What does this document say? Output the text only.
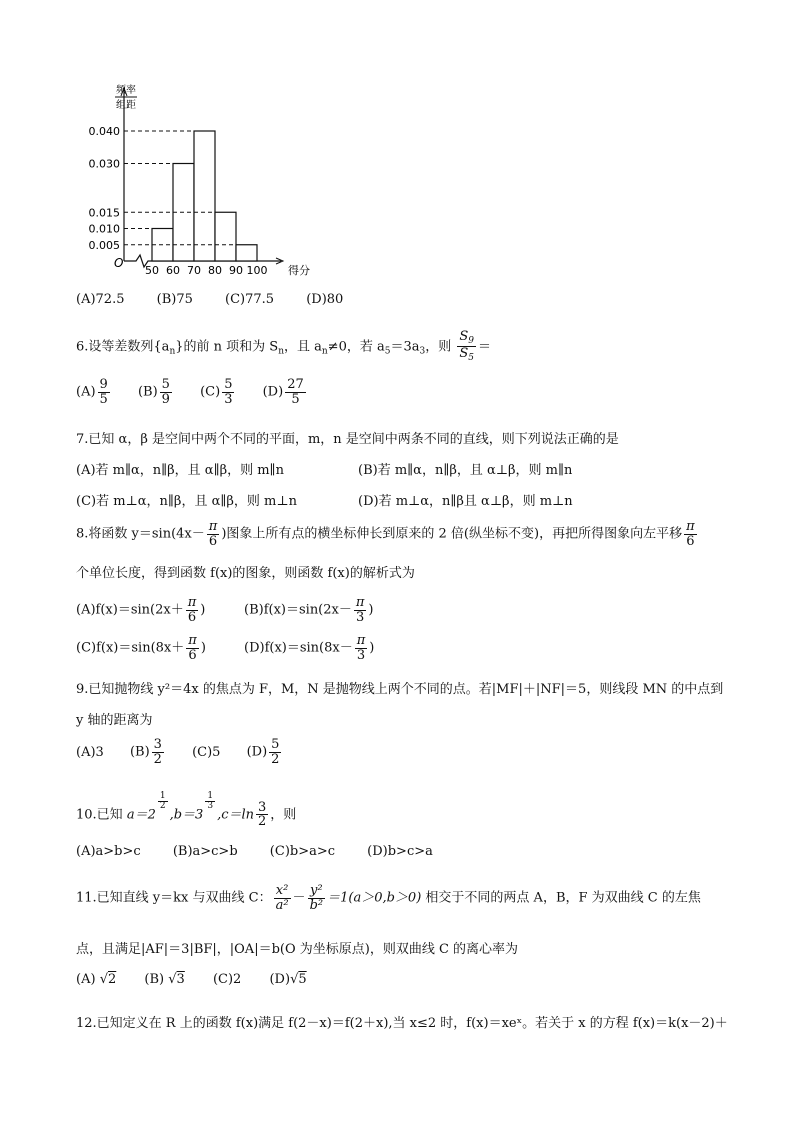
频率
组距
O
0.040
0.030
0.015
0.010
0.005
50 60 70 80 90 100 得分
(A)72.5 (B)75 (C)77.5 (D)80
6.设等差数列$\{a_n\}$的前 n 项和为 $S_n$，且 $a_n\ne 0$，若 $a_5=3a_3$，则 $\frac{S_9}{S_5}$ ＝
$(A) \frac{9}{5} (B) \frac{5}{9} (C) \frac{5}{3} (D) \frac{27}{5}$
7.已知 α，β 是空间中两个不同的平面，m，n 是空间中两条不同的直线，则下列说法正确的是
(A)若 m∥α，n∥β，且 α∥β，则 m∥n	(B)若 m∥α，n∥β，且 α⊥β，则 m∥n
(C)若 m⊥α，n∥β，且 α∥β，则 m⊥n	(D)若 m⊥α，n∥β且 α⊥β，则 m⊥n
8.将函数 $y=\sin(4x- \frac{\pi}{6}$ )图象上所有点的横坐标伸长到原来的 2 倍(纵坐标不变)，再把所得图象向左平移 $\frac{\pi}{6}$
个单位长度，得到函数 f(x)的图象，则函数 f(x)的解析式为
$(A)f(x)=\sin(2x+ \frac{\pi}{6}$ )	$(B)f(x)=\sin(2x- \frac{\pi}{3}$ )
$(C)f(x)=\sin(8x+ \frac{\pi}{6}$ )	$(D)f(x)=\sin(8x- \frac{\pi}{3}$ )
9.已知抛物线 y²＝4x 的焦点为 F，M，N 是抛物线上两个不同的点。若|MF|＋|NF|＝5，则线段 MN 的中点到
y 轴的距离为
(A)3 $(B) \frac{3}{2} (C)5$ $(D) \frac{5}{2}$
10.已知 a＝2
$\frac{1}{2}$
,b＝3
$\frac{1}{3}$
$,c=\ln \frac{3}{2}$ ，则
(A)a>b>c (B)a>c>b (C)b>a>c (D)b>c>a
11.已知直线 y＝kx 与双曲线 C： $\frac{\text{x²}}{\text{a²}} - \frac{\text{y²}}{\text{b²}} =1(a>0,b>0)$ 相交于不同的两点 A，B，F 为双曲线 C 的左焦
点，且满足|AF|＝3|BF|，|OA|＝b(O 为坐标原点)，则双曲线 C 的离心率为
(A) √2 (B) √3 (C)2 (D)√5
12.已知定义在 R 上的函数 f(x)满足 f(2－x)＝f(2＋x),当 x≤2 时，f(x)＝xeˣ。若关于 x 的方程 f(x)＝k(x－2)＋
